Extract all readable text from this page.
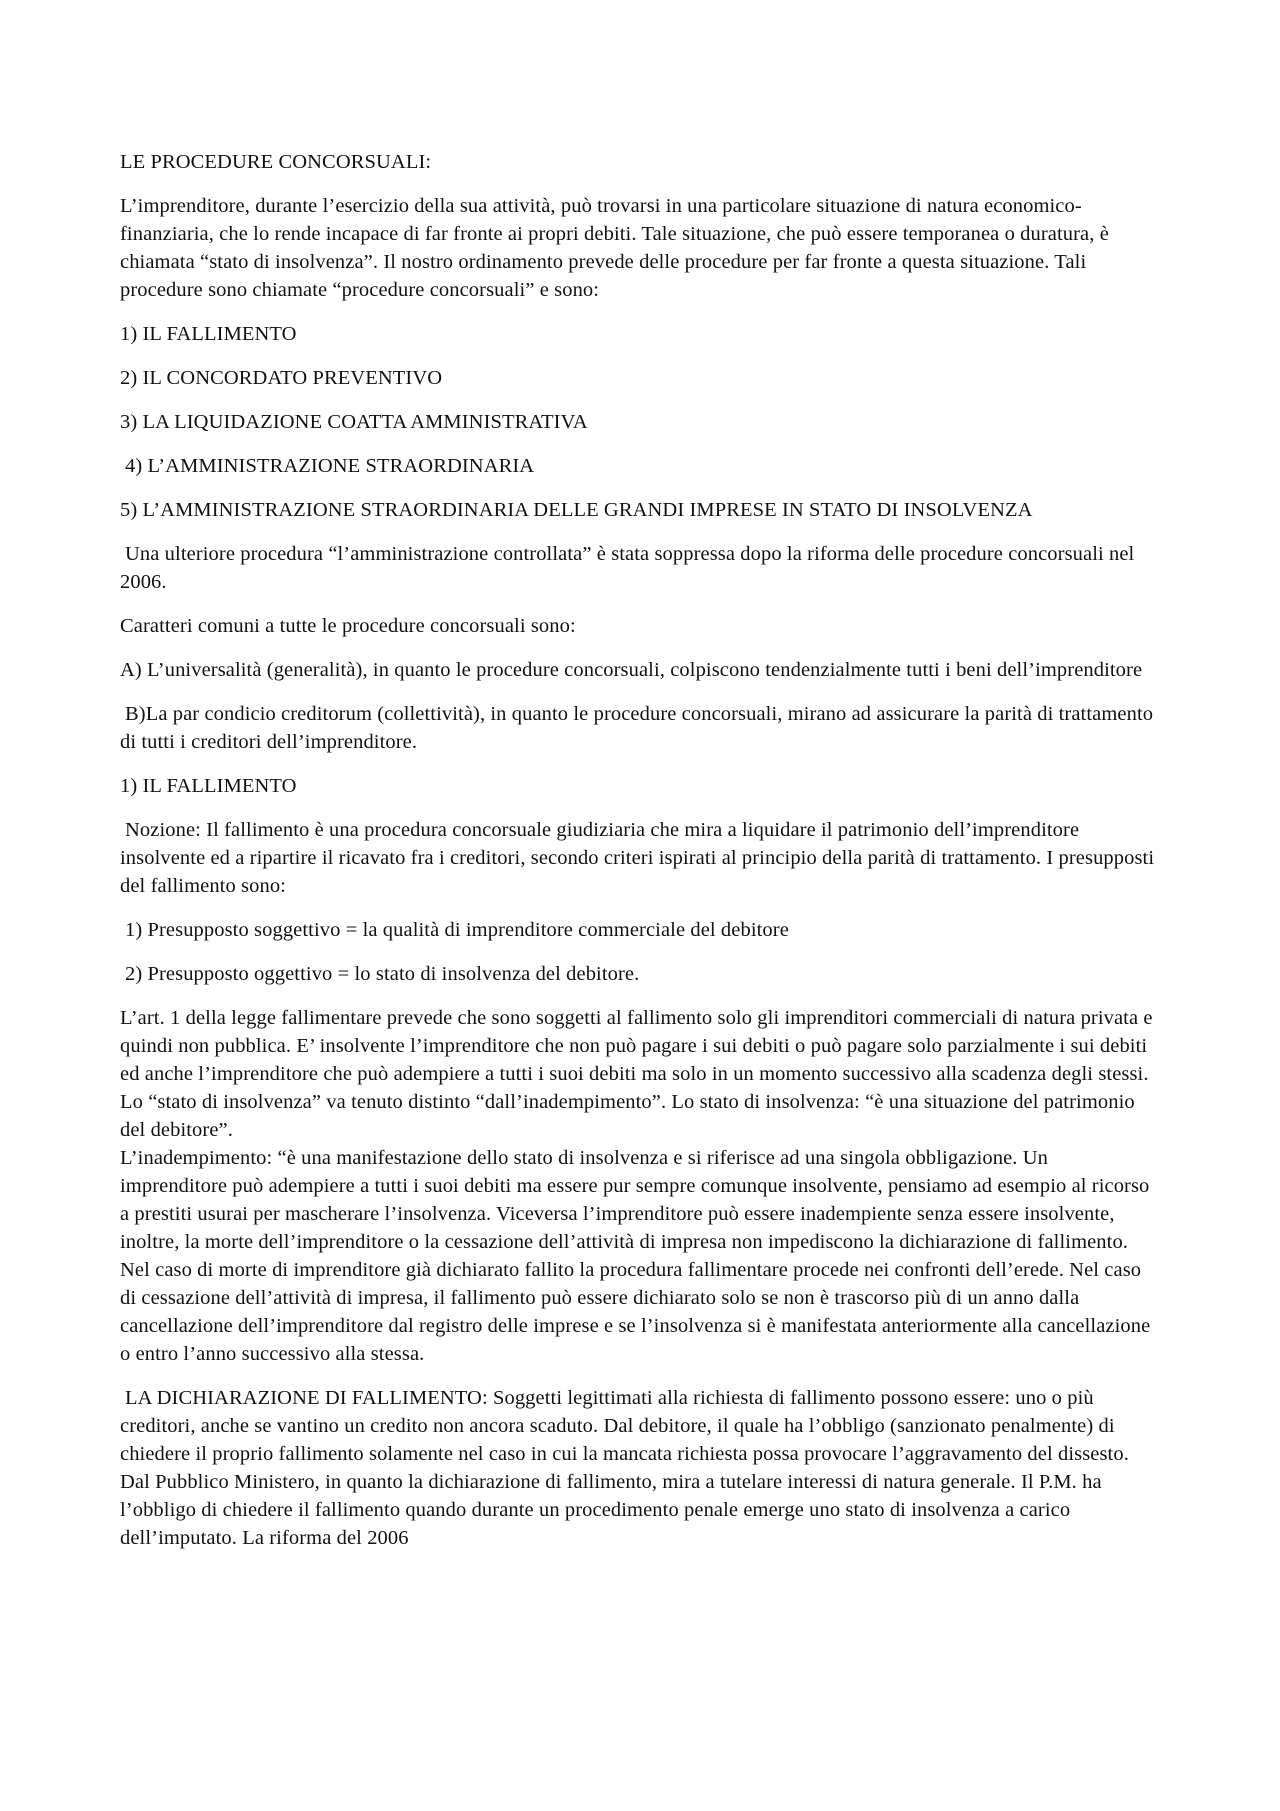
LE PROCEDURE CONCORSUALI:

L’imprenditore, durante l’esercizio della sua attività, può trovarsi in una particolare situazione di natura economico-finanziaria, che lo rende incapace di far fronte ai propri debiti. Tale situazione, che può essere temporanea o duratura, è chiamata “stato di insolvenza”. Il nostro ordinamento prevede delle procedure per far fronte a questa situazione. Tali procedure sono chiamate “procedure concorsuali” e sono:

1) IL FALLIMENTO

2) IL CONCORDATO PREVENTIVO

3) LA LIQUIDAZIONE COATTA AMMINISTRATIVA

4) L’AMMINISTRAZIONE STRAORDINARIA

5) L’AMMINISTRAZIONE STRAORDINARIA DELLE GRANDI IMPRESE IN STATO DI INSOLVENZA

Una ulteriore procedura “l’amministrazione controllata” è stata soppressa dopo la riforma delle procedure concorsuali nel 2006.

Caratteri comuni a tutte le procedure concorsuali sono:

A) L’universalità (generalità), in quanto le procedure concorsuali, colpiscono tendenzialmente tutti i beni dell’imprenditore

B)La par condicio creditorum (collettività), in quanto le procedure concorsuali, mirano ad assicurare la parità di trattamento di tutti i creditori dell’imprenditore.

1) IL FALLIMENTO

Nozione: Il fallimento è una procedura concorsuale giudiziaria che mira a liquidare il patrimonio dell’imprenditore insolvente ed a ripartire il ricavato fra i creditori, secondo criteri ispirati al principio della parità di trattamento. I presupposti del fallimento sono:

1) Presupposto soggettivo = la qualità di imprenditore commerciale del debitore

2) Presupposto oggettivo = lo stato di insolvenza del debitore.

L’art. 1 della legge fallimentare prevede che sono soggetti al fallimento solo gli imprenditori commerciali di natura privata e quindi non pubblica. E’ insolvente l’imprenditore che non può pagare i sui debiti o può pagare solo parzialmente i sui debiti ed anche l’imprenditore che può adempiere a tutti i suoi debiti ma solo in un momento successivo alla scadenza degli stessi. Lo “stato di insolvenza” va tenuto distinto “dall’inadempimento”. Lo stato di insolvenza: “è una situazione del patrimonio del debitore”.

L’inadempimento: “è una manifestazione dello stato di insolvenza e si riferisce ad una singola obbligazione. Un imprenditore può adempiere a tutti i suoi debiti ma essere pur sempre comunque insolvente, pensiamo ad esempio al ricorso a prestiti usurai per mascherare l’insolvenza. Viceversa l’imprenditore può essere inadempiente senza essere insolvente, inoltre, la morte dell’imprenditore o la cessazione dell’attività di impresa non impediscono la dichiarazione di fallimento. Nel caso di morte di imprenditore già dichiarato fallito la procedura fallimentare procede nei confronti dell’erede. Nel caso di cessazione dell’attività di impresa, il fallimento può essere dichiarato solo se non è trascorso più di un anno dalla cancellazione dell’imprenditore dal registro delle imprese e se l’insolvenza si è manifestata anteriormente alla cancellazione o entro l’anno successivo alla stessa.

LA DICHIARAZIONE DI FALLIMENTO: Soggetti legittimati alla richiesta di fallimento possono essere: uno o più creditori, anche se vantino un credito non ancora scaduto. Dal debitore, il quale ha l’obbligo (sanzionato penalmente) di chiedere il proprio fallimento solamente nel caso in cui la mancata richiesta possa provocare l’aggravamento del dissesto. Dal Pubblico Ministero, in quanto la dichiarazione di fallimento, mira a tutelare interessi di natura generale. Il P.M. ha l’obbligo di chiedere il fallimento quando durante un procedimento penale emerge uno stato di insolvenza a carico dell’imputato. La riforma del 2006
